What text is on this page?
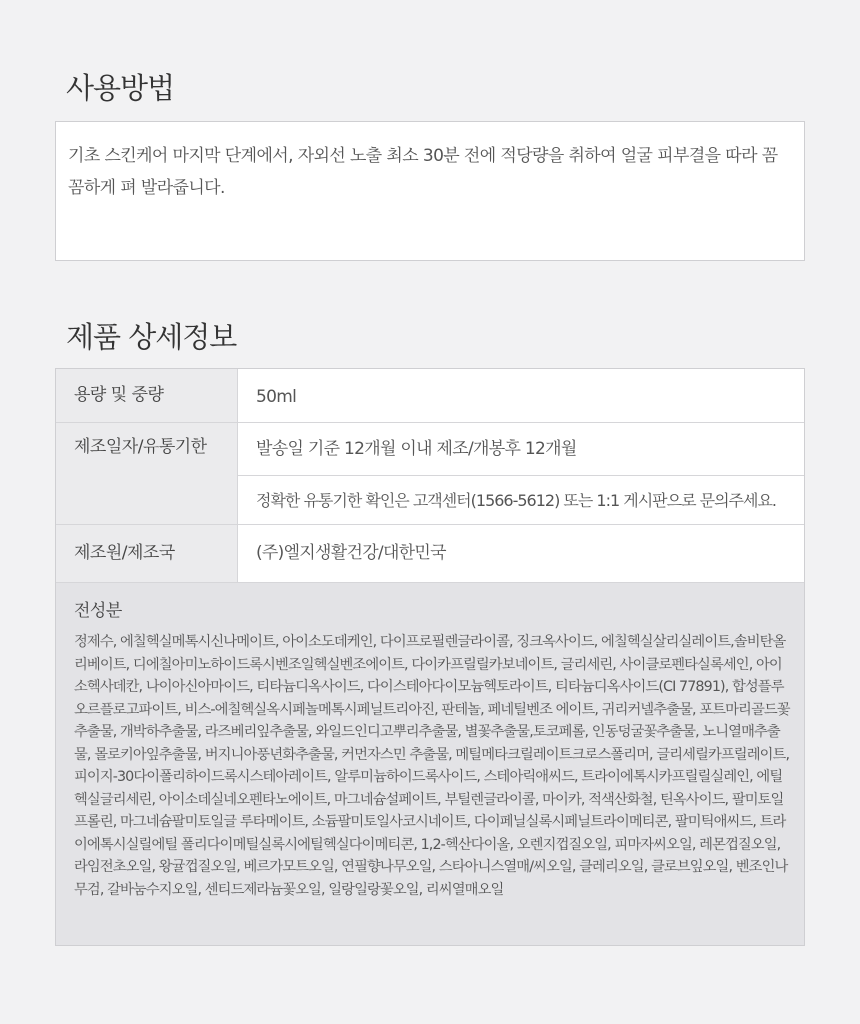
사용방법

기초 스킨케어 마지막 단계에서, 자외선 노출 최소 30분 전에 적당량을 취하여 얼굴 피부결을 따라 꼼꼼하게 펴 발라줍니다.

제품 상세정보
용량 및 중량	50ml
제조일자/유통기한	발송일 기준 12개월 이내 제조/개봉후 12개월
정확한 유통기한 확인은 고객센터(1566-5612) 또는 1:1 게시판으로 문의주세요.
제조원/제조국	(주)엘지생활건강/대한민국
전성분
정제수, 에칠헥실메톡시신나메이트, 아이소도데케인, 다이프로필렌글라이콜, 징크옥사이드, 에칠헥실살리실레이트,솔비탄올리베이트, 디에칠아미노하이드록시벤조일헥실벤조에이트, 다이카프릴릴카보네이트, 글리세린, 사이클로펜타실록세인, 아이소헥사데칸, 나이아신아마이드, 티타늄디옥사이드, 다이스테아다이모늄헥토라이트, 티타늄디옥사이드(CI 77891), 합성플루오르플로고파이트, 비스-에칠헥실옥시페놀메톡시페닐트리아진, 판테놀, 페네틸벤조 에이트, 귀리커넬추출물, 포트마리골드꽃추출물, 개박하추출물, 라즈베리잎추출물, 와일드인디고뿌리추출물, 별꽃추출물,토코페롤, 인동덩굴꽃추출물, 노니열매추출물, 몰로키아잎추출물, 버지니아풍년화추출물, 커먼자스민 추출물, 메틸메타크릴레이트크로스폴리머, 글리세릴카프릴레이트, 피이지-30다이폴리하이드록시스테아레이트, 알루미늄하이드록사이드, 스테아릭애씨드, 트라이에톡시카프릴릴실레인, 에틸헥실글리세린, 아이소데실네오펜타노에이트, 마그네슘설페이트, 부틸렌글라이콜, 마이카, 적색산화철, 틴옥사이드, 팔미토일프롤린, 마그네슘팔미토일글 루타메이트, 소듐팔미토일사코시네이트, 다이페닐실록시페닐트라이메티콘, 팔미틱애씨드, 트라이에톡시실릴에틸 폴리다이메틸실록시에틸헥실다이메티콘, 1,2-헥산다이올, 오렌지껍질오일, 피마자씨오일, 레몬껍질오일, 라임전초오일, 왕귤껍질오일, 베르가모트오일, 연필향나무오일, 스타아니스열매/씨오일, 클레리오일, 클로브잎오일, 벤조인나무검, 갈바눔수지오일, 센티드제라늄꽃오일, 일랑일랑꽃오일, 리씨열매오일
